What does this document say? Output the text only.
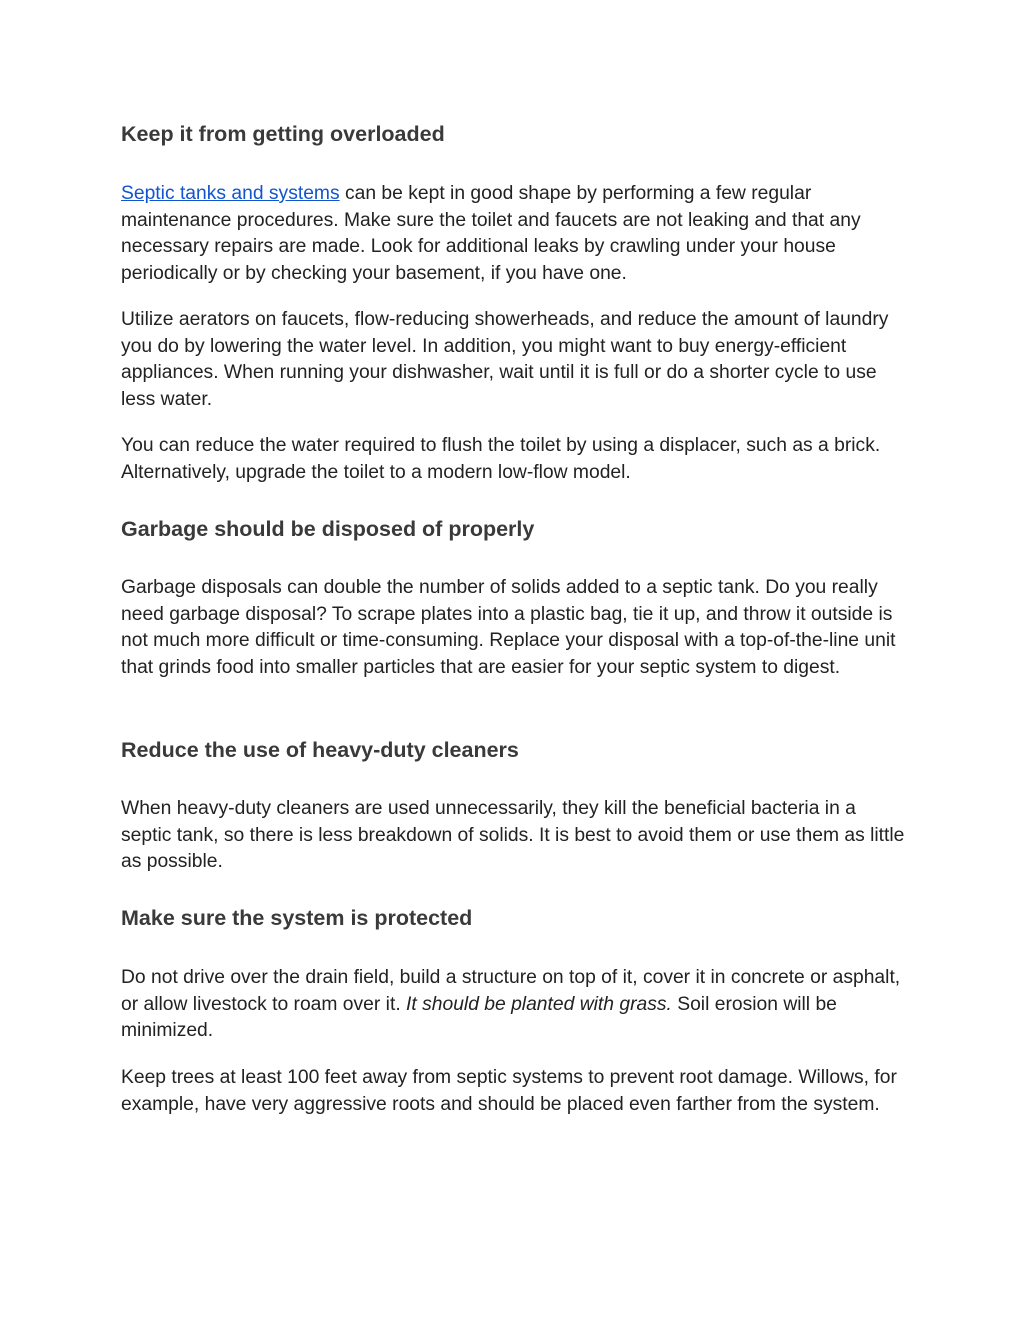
Keep it from getting overloaded

Septic tanks and systems can be kept in good shape by performing a few regular maintenance procedures. Make sure the toilet and faucets are not leaking and that any necessary repairs are made. Look for additional leaks by crawling under your house periodically or by checking your basement, if you have one.

Utilize aerators on faucets, flow-reducing showerheads, and reduce the amount of laundry you do by lowering the water level. In addition, you might want to buy energy-efficient appliances. When running your dishwasher, wait until it is full or do a shorter cycle to use less water.

You can reduce the water required to flush the toilet by using a displacer, such as a brick. Alternatively, upgrade the toilet to a modern low-flow model.

Garbage should be disposed of properly

Garbage disposals can double the number of solids added to a septic tank. Do you really need garbage disposal? To scrape plates into a plastic bag, tie it up, and throw it outside is not much more difficult or time-consuming. Replace your disposal with a top-of-the-line unit that grinds food into smaller particles that are easier for your septic system to digest.

Reduce the use of heavy-duty cleaners

When heavy-duty cleaners are used unnecessarily, they kill the beneficial bacteria in a septic tank, so there is less breakdown of solids. It is best to avoid them or use them as little as possible.

Make sure the system is protected

Do not drive over the drain field, build a structure on top of it, cover it in concrete or asphalt, or allow livestock to roam over it. It should be planted with grass. Soil erosion will be minimized.

Keep trees at least 100 feet away from septic systems to prevent root damage. Willows, for example, have very aggressive roots and should be placed even farther from the system.
